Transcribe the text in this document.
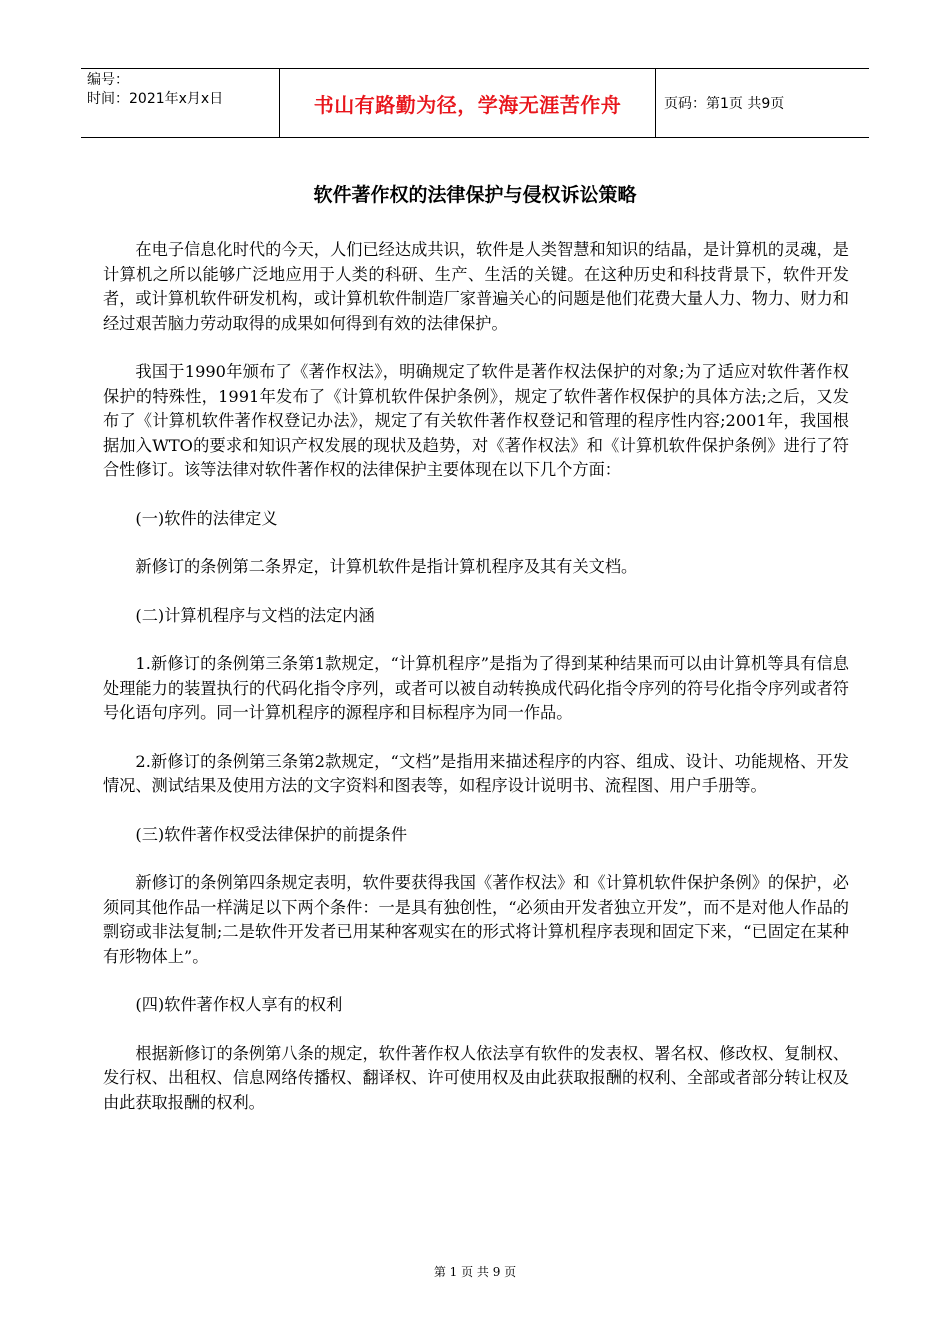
编号：
时间：2021年x月x日	书山有路勤为径，学海无涯苦作舟	页码：第1页 共9页
软件著作权的法律保护与侵权诉讼策略

在电子信息化时代的今天，人们已经达成共识，软件是人类智慧和知识的结晶，是计算机的灵魂，是计算机之所以能够广泛地应用于人类的科研、生产、生活的关键。在这种历史和科技背景下，软件开发者，或计算机软件研发机构，或计算机软件制造厂家普遍关心的问题是他们花费大量人力、物力、财力和经过艰苦脑力劳动取得的成果如何得到有效的法律保护。

我国于1990年颁布了《著作权法》，明确规定了软件是著作权法保护的对象;为了适应对软件著作权保护的特殊性，1991年发布了《计算机软件保护条例》，规定了软件著作权保护的具体方法;之后，又发布了《计算机软件著作权登记办法》，规定了有关软件著作权登记和管理的程序性内容;2001年，我国根据加入WTO的要求和知识产权发展的现状及趋势，对《著作权法》和《计算机软件保护条例》进行了符合性修订。该等法律对软件著作权的法律保护主要体现在以下几个方面：

(一)软件的法律定义

新修订的条例第二条界定，计算机软件是指计算机程序及其有关文档。

(二)计算机程序与文档的法定内涵

1.新修订的条例第三条第1款规定，“计算机程序”是指为了得到某种结果而可以由计算机等具有信息处理能力的装置执行的代码化指令序列，或者可以被自动转换成代码化指令序列的符号化指令序列或者符号化语句序列。同一计算机程序的源程序和目标程序为同一作品。

2.新修订的条例第三条第2款规定，“文档”是指用来描述程序的内容、组成、设计、功能规格、开发情况、测试结果及使用方法的文字资料和图表等，如程序设计说明书、流程图、用户手册等。

(三)软件著作权受法律保护的前提条件

新修订的条例第四条规定表明，软件要获得我国《著作权法》和《计算机软件保护条例》的保护，必须同其他作品一样满足以下两个条件：一是具有独创性，“必须由开发者独立开发”，而不是对他人作品的剽窃或非法复制;二是软件开发者已用某种客观实在的形式将计算机程序表现和固定下来，“已固定在某种有形物体上”。

(四)软件著作权人享有的权利

根据新修订的条例第八条的规定，软件著作权人依法享有软件的发表权、署名权、修改权、复制权、发行权、出租权、信息网络传播权、翻译权、许可使用权及由此获取报酬的权利、全部或者部分转让权及由此获取报酬的权利。

第 1 页 共 9 页
